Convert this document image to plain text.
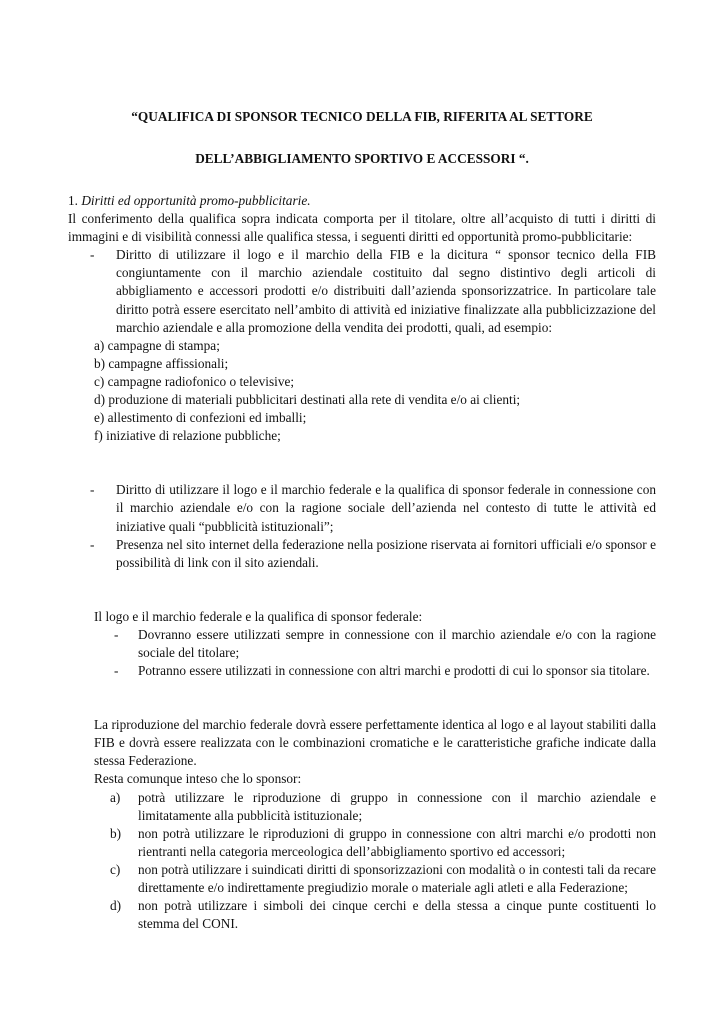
“QUALIFICA DI SPONSOR TECNICO DELLA FIB, RIFERITA AL SETTORE

DELL’ABBIGLIAMENTO SPORTIVO E ACCESSORI “.

1. Diritti ed opportunità promo-pubblicitarie.

Il conferimento della qualifica sopra indicata comporta per il titolare, oltre all’acquisto di tutti i diritti di immagini e di visibilità connessi alle qualifica stessa, i seguenti diritti ed opportunità promo-pubblicitarie:

-	Diritto di utilizzare il logo e il marchio della FIB e la dicitura “ sponsor tecnico della FIB congiuntamente con il marchio aziendale costituito dal segno distintivo degli articoli di abbigliamento e accessori prodotti e/o distribuiti dall’azienda sponsorizzatrice. In particolare tale diritto potrà essere esercitato nell’ambito di attività ed iniziative finalizzate alla pubblicizzazione del marchio aziendale e alla promozione della vendita dei prodotti, quali, ad esempio:

a) campagne di stampa;

b) campagne affissionali;

c) campagne radiofonico o televisive;

d) produzione di materiali pubblicitari destinati alla rete di vendita e/o ai clienti;

e) allestimento di confezioni ed imballi;

f) iniziative di relazione pubbliche;

-	Diritto di utilizzare il logo e il marchio federale e la qualifica di sponsor federale in connessione con il marchio aziendale e/o con la ragione sociale dell’azienda nel contesto di tutte le attività ed iniziative quali “pubblicità istituzionali”;
-	Presenza nel sito internet della federazione nella posizione riservata ai fornitori ufficiali e/o sponsor e possibilità di link con il sito aziendali.

Il logo e il marchio federale e la qualifica di sponsor federale:

-	Dovranno essere utilizzati sempre in connessione con il marchio aziendale e/o con la ragione sociale del titolare;
-	Potranno essere utilizzati in connessione con altri marchi e prodotti di cui lo sponsor sia titolare.

La riproduzione del marchio federale dovrà essere perfettamente identica al logo e al layout stabiliti dalla FIB e dovrà essere realizzata con le combinazioni cromatiche e le caratteristiche grafiche indicate dalla stessa Federazione.

Resta comunque inteso che lo sponsor:

a)	potrà utilizzare le riproduzione di gruppo in connessione con il marchio aziendale e limitatamente alla pubblicità istituzionale;
b)	non potrà utilizzare le riproduzioni di gruppo in connessione con altri marchi e/o prodotti non rientranti nella categoria merceologica dell’abbigliamento sportivo ed accessori;
c)	non potrà utilizzare i suindicati diritti di sponsorizzazioni con modalità o in contesti tali da recare direttamente e/o indirettamente pregiudizio morale o materiale agli atleti e alla Federazione;
d)	non potrà utilizzare i simboli dei cinque cerchi e della stessa a cinque punte costituenti lo stemma del CONI.
